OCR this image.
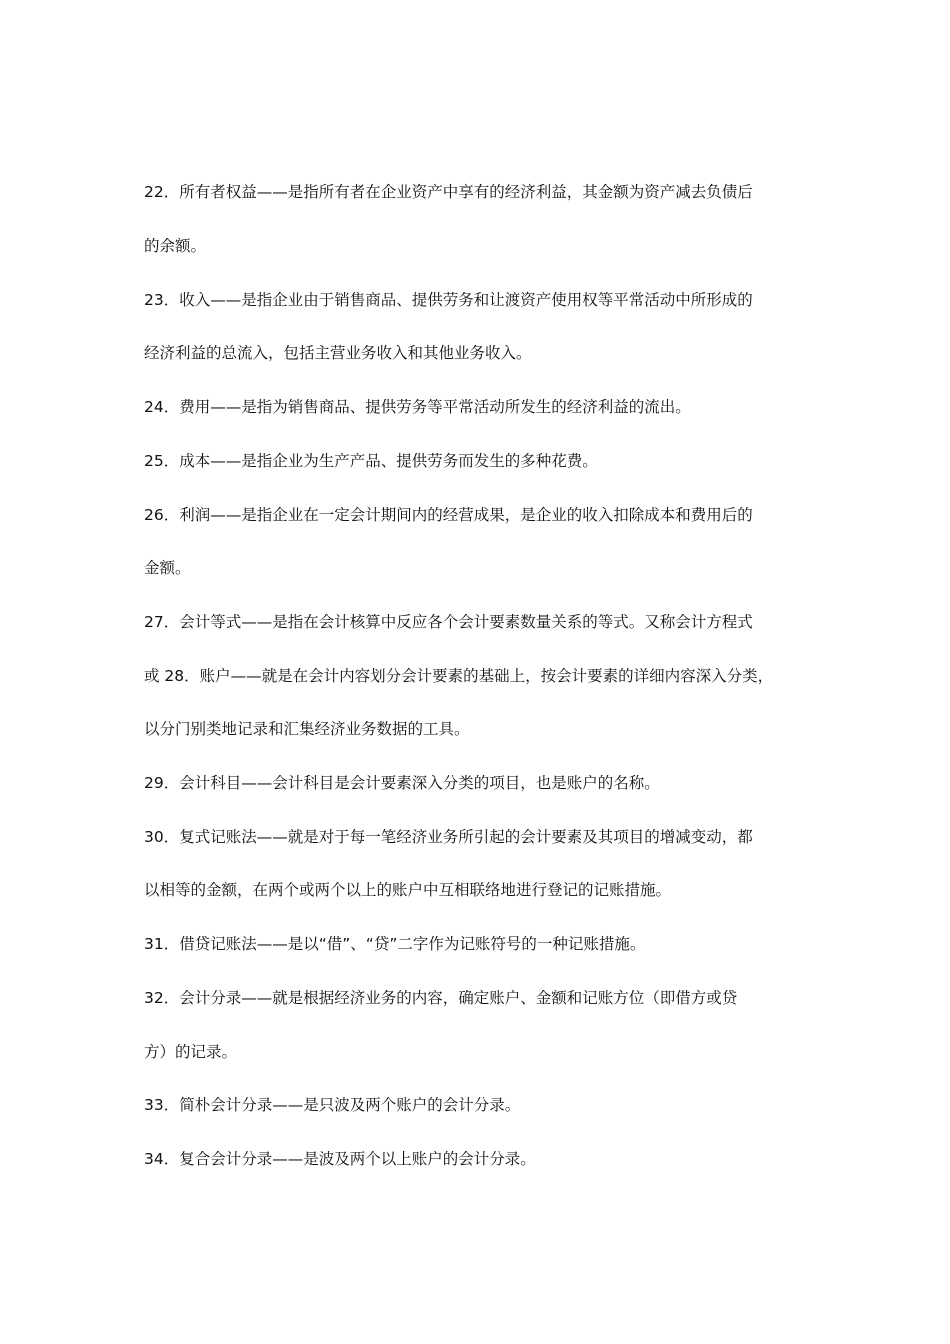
22．所有者权益——是指所有者在企业资产中享有的经济利益，其金额为资产减去负债后
的余额。
23．收入——是指企业由于销售商品、提供劳务和让渡资产使用权等平常活动中所形成的
经济利益的总流入，包括主营业务收入和其他业务收入。
24．费用——是指为销售商品、提供劳务等平常活动所发生的经济利益的流出。
25．成本——是指企业为生产产品、提供劳务而发生的多种花费。
26．利润——是指企业在一定会计期间内的经营成果，是企业的收入扣除成本和费用后的
金额。
27．会计等式——是指在会计核算中反应各个会计要素数量关系的等式。又称会计方程式
或 28．账户——就是在会计内容划分会计要素的基础上，按会计要素的详细内容深入分类，
以分门别类地记录和汇集经济业务数据的工具。
29．会计科目——会计科目是会计要素深入分类的项目，也是账户的名称。
30．复式记账法——就是对于每一笔经济业务所引起的会计要素及其项目的增减变动，都
以相等的金额，在两个或两个以上的账户中互相联络地进行登记的记账措施。
31．借贷记账法——是以“借”、“贷”二字作为记账符号的一种记账措施。
32．会计分录——就是根据经济业务的内容，确定账户、金额和记账方位（即借方或贷
方）的记录。
33．简朴会计分录——是只波及两个账户的会计分录。
34．复合会计分录——是波及两个以上账户的会计分录。
